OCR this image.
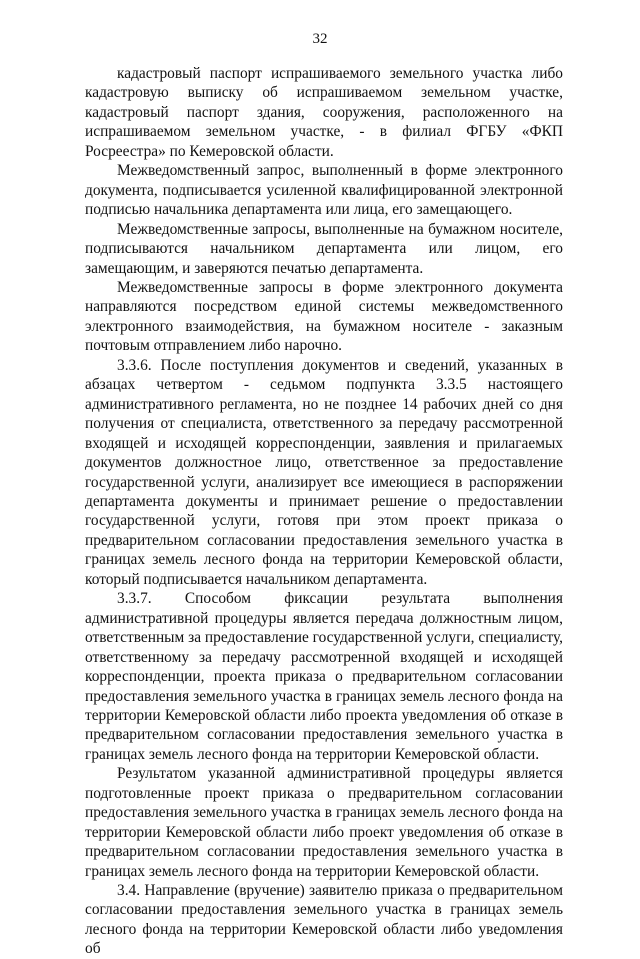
32

кадастровый паспорт испрашиваемого земельного участка либо кадастровую выписку об испрашиваемом земельном участке, кадастровый паспорт здания, сооружения, расположенного на испрашиваемом земельном участке, - в филиал ФГБУ «ФКП Росреестра» по Кемеровской области.

Межведомственный запрос, выполненный в форме электронного документа, подписывается усиленной квалифицированной электронной подписью начальника департамента или лица, его замещающего.

Межведомственные запросы, выполненные на бумажном носителе, подписываются начальником департамента или лицом, его замещающим, и заверяются печатью департамента.

Межведомственные запросы в форме электронного документа направляются посредством единой системы межведомственного электронного взаимодействия, на бумажном носителе - заказным почтовым отправлением либо нарочно.

3.3.6. После поступления документов и сведений, указанных в абзацах четвертом - седьмом подпункта 3.3.5 настоящего административного регламента, но не позднее 14 рабочих дней со дня получения от специалиста, ответственного за передачу рассмотренной входящей и исходящей корреспонденции, заявления и прилагаемых документов должностное лицо, ответственное за предоставление государственной услуги, анализирует все имеющиеся в распоряжении департамента документы и принимает решение о предоставлении государственной услуги, готовя при этом проект приказа о предварительном согласовании предоставления земельного участка в границах земель лесного фонда на территории Кемеровской области, который подписывается начальником департамента.

3.3.7. Способом фиксации результата выполнения административной процедуры является передача должностным лицом, ответственным за предоставление государственной услуги, специалисту, ответственному за передачу рассмотренной входящей и исходящей корреспонденции, проекта приказа о предварительном согласовании предоставления земельного участка в границах земель лесного фонда на территории Кемеровской области либо проекта уведомления об отказе в предварительном согласовании предоставления земельного участка в границах земель лесного фонда на территории Кемеровской области.

Результатом указанной административной процедуры является подготовленные проект приказа о предварительном согласовании предоставления земельного участка в границах земель лесного фонда на территории Кемеровской области либо проект уведомления об отказе в предварительном согласовании предоставления земельного участка в границах земель лесного фонда на территории Кемеровской области.

3.4. Направление (вручение) заявителю приказа о предварительном согласовании предоставления земельного участка в границах земель лесного фонда на территории Кемеровской области либо уведомления об
